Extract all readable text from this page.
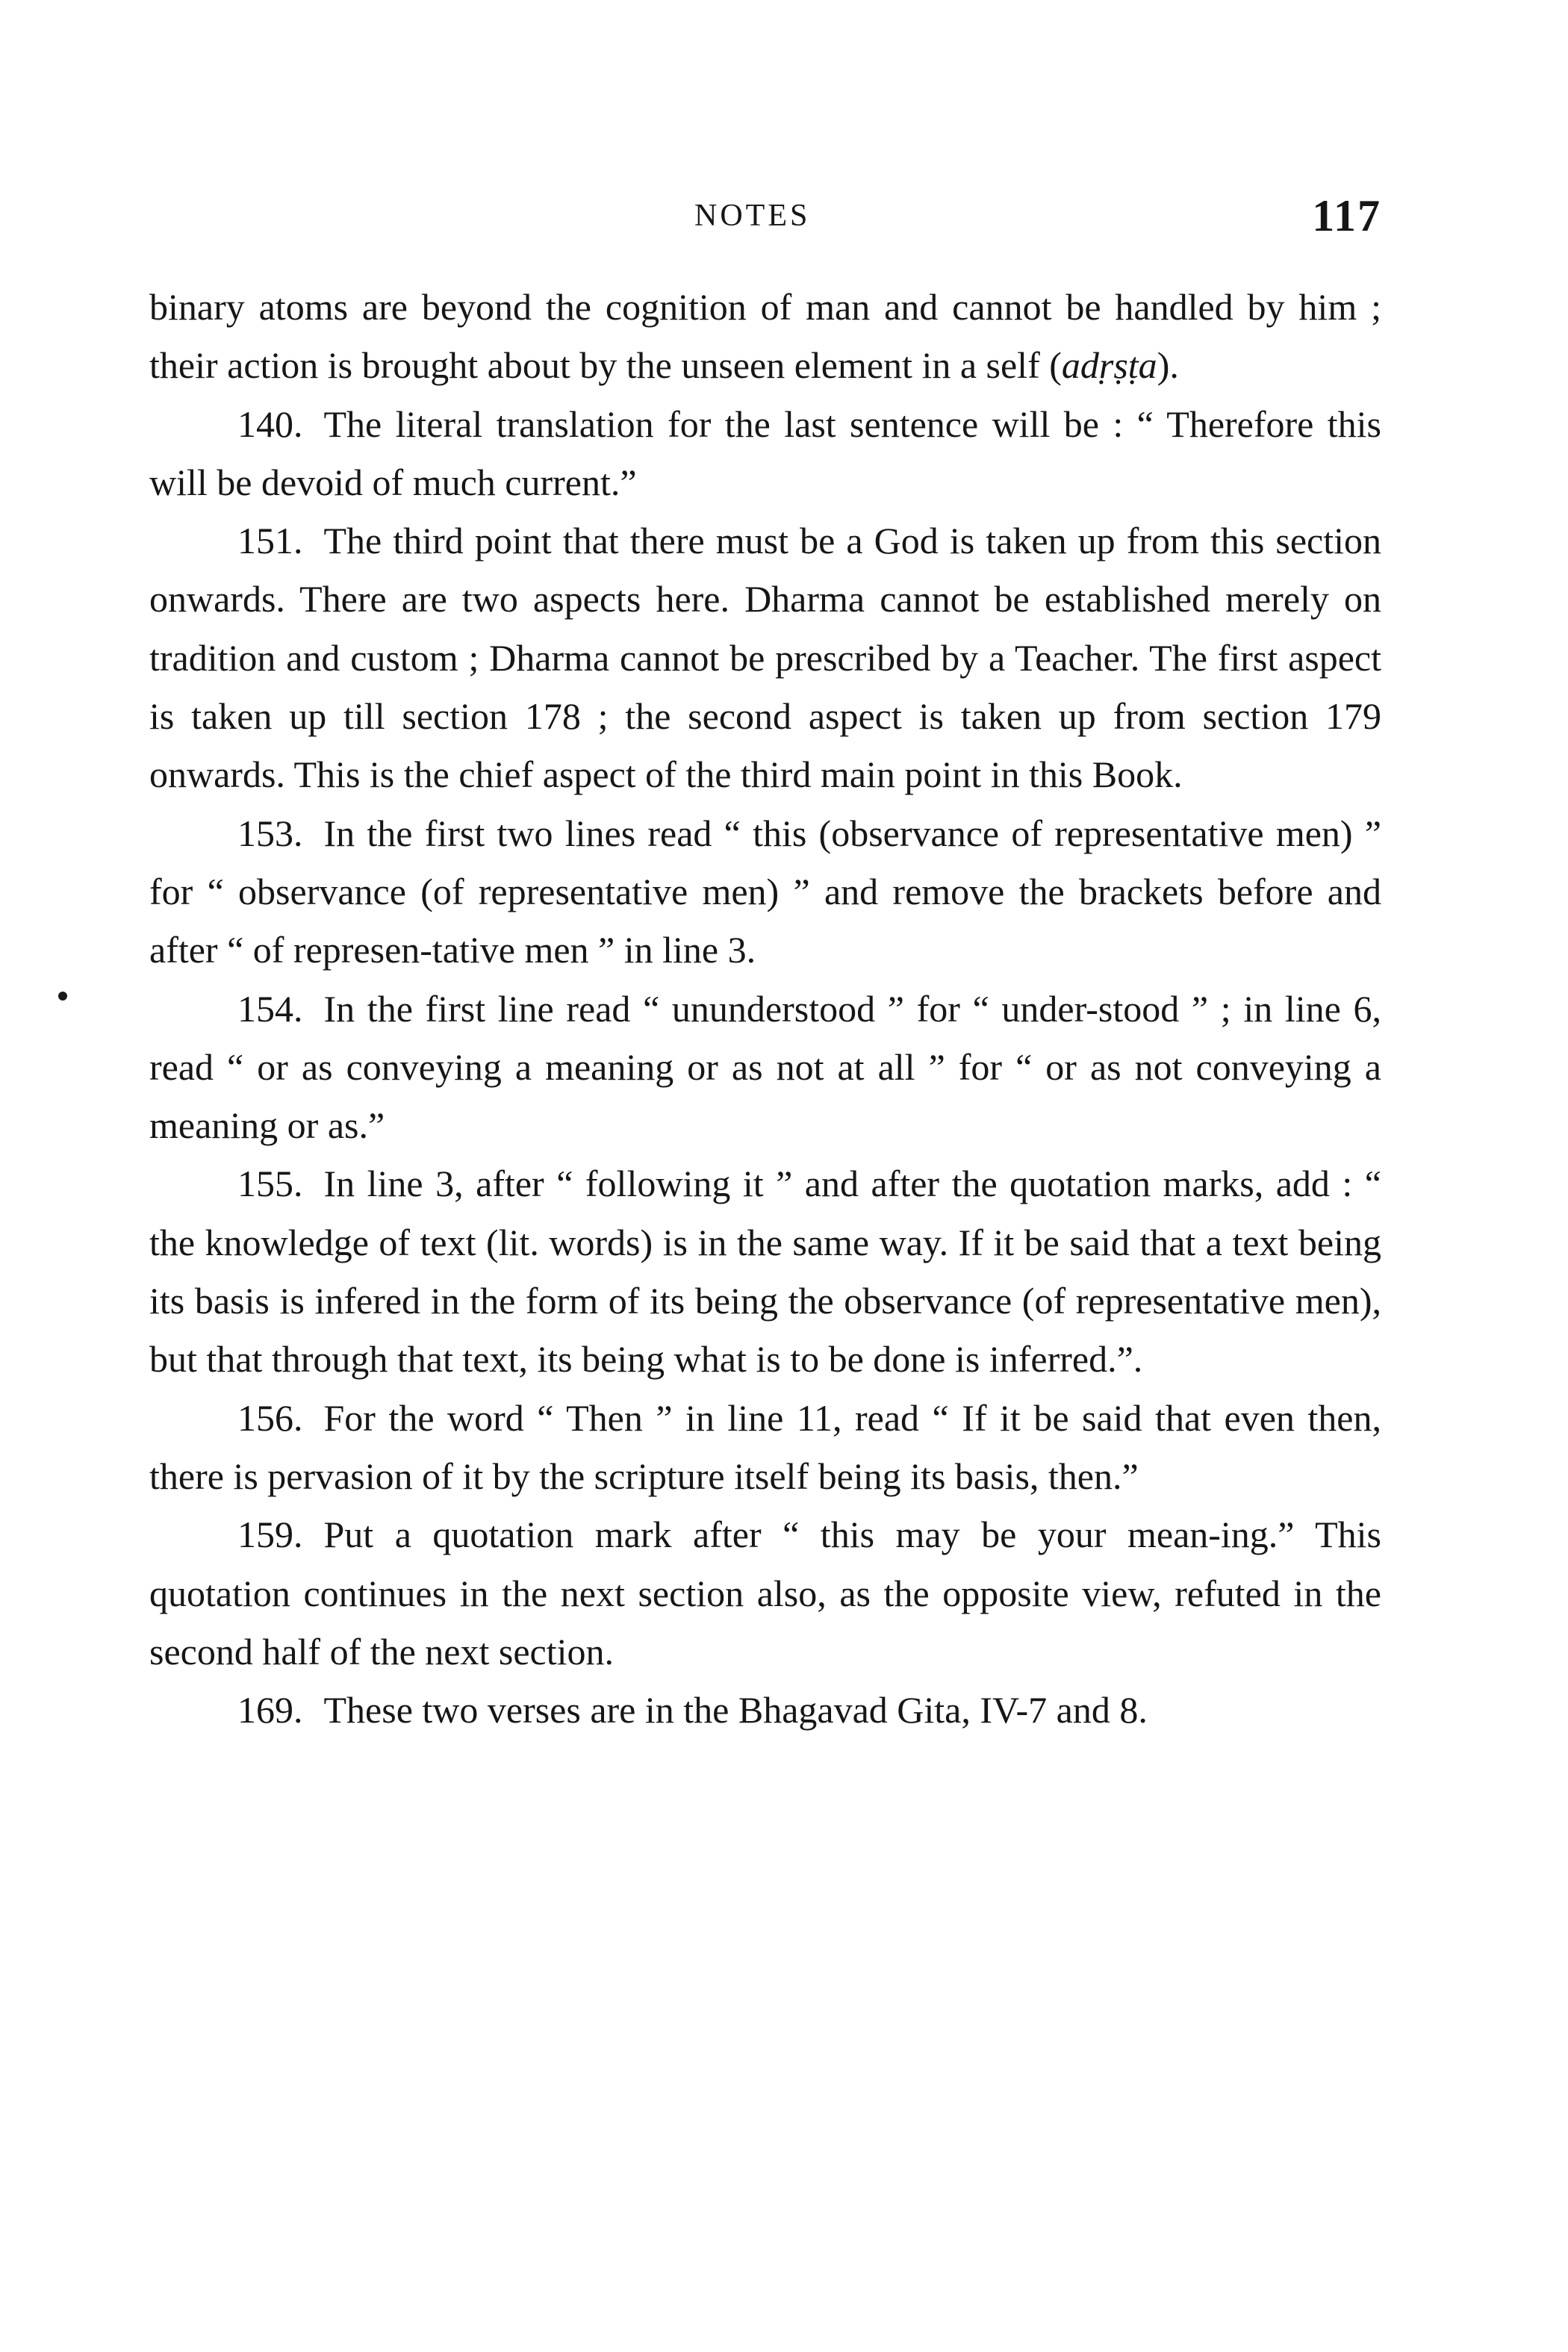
NOTES	117

binary atoms are beyond the cognition of man and cannot be handled by him ; their action is brought about by the unseen element in a self (adṛṣṭa).

140. The literal translation for the last sentence will be : “ Therefore this will be devoid of much current.”

151. The third point that there must be a God is taken up from this section onwards. There are two aspects here. Dharma cannot be established merely on tradition and custom ; Dharma cannot be prescribed by a Teacher. The first aspect is taken up till section 178 ; the second aspect is taken up from section 179 onwards. This is the chief aspect of the third main point in this Book.

153. In the first two lines read “ this (observance of representative men) ” for “ observance (of representative men) ” and remove the brackets before and after “ of represen-tative men ” in line 3.

154. In the first line read “ ununderstood ” for “ under-stood ” ; in line 6, read “ or as conveying a meaning or as not at all ” for “ or as not conveying a meaning or as.”

155. In line 3, after “ following it ” and after the quotation marks, add : “ the knowledge of text (lit. words) is in the same way. If it be said that a text being its basis is infered in the form of its being the observance (of representative men), but that through that text, its being what is to be done is inferred.”.

156. For the word “ Then ” in line 11, read “ If it be said that even then, there is pervasion of it by the scripture itself being its basis, then.”

159. Put a quotation mark after “ this may be your mean-ing.” This quotation continues in the next section also, as the opposite view, refuted in the second half of the next section.

169. These two verses are in the Bhagavad Gita, IV-7 and 8.
